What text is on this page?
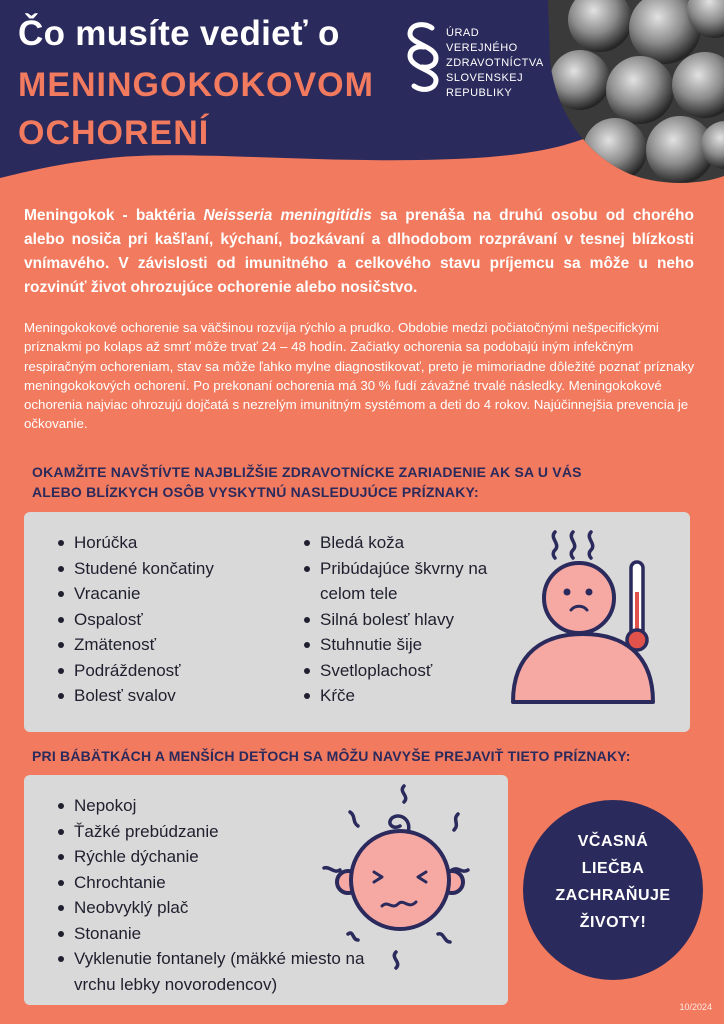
Čo musíte vedieť o
MENINGOKOKOVOM
OCHORENÍ
ÚRAD
VEREJNÉHO
ZDRAVOTNÍCTVA
SLOVENSKEJ
REPUBLIKY

Meningokok - baktéria Neisseria meningitidis sa prenáša na druhú osobu od chorého alebo nosiča pri kašľaní, kýchaní, bozkávaní a dlhodobom rozprávaní v tesnej blízkosti vnímavého. V závislosti od imunitného a celkového stavu príjemcu sa môže u neho rozvinúť život ohrozujúce ochorenie alebo nosičstvo.

Meningokokové ochorenie sa väčšinou rozvíja rýchlo a prudko. Obdobie medzi počiatočnými nešpecifickými príznakmi po kolaps až smrť môže trvať 24 – 48 hodín. Začiatky ochorenia sa podobajú iným infekčným respiračným ochoreniam, stav sa môže ľahko mylne diagnostikovať, preto je mimoriadne dôležité poznať príznaky meningokokových ochorení. Po prekonaní ochorenia má 30 % ľudí závažné trvalé následky. Meningokokové ochorenia najviac ohrozujú dojčatá s nezrelým imunitným systémom a deti do 4 rokov. Najúčinnejšia prevencia je očkovanie.

OKAMŽITE NAVŠTÍVTE NAJBLIŽŠIE ZDRAVOTNÍCKE ZARIADENIE AK SA U VÁS
ALEBO BLÍZKYCH OSÔB VYSKYTNÚ NASLEDUJÚCE PRÍZNAKY:
Horúčka
Studené končatiny
Vracanie
Ospalosť
Zmätenosť
Podráždenosť
Bolesť svalov
Bledá koža
Pribúdajúce škvrny na celom tele
Silná bolesť hlavy
Stuhnutie šije
Svetloplachosť
Kŕče
PRI BÁBÄTKÁCH A MENŠÍCH DEŤOCH SA MÔŽU NAVYŠE PREJAVIŤ TIETO PRÍZNAKY:
Nepokoj
Ťažké prebúdzanie
Rýchle dýchanie
Chrochtanie
Neobvyklý plač
Stonanie
Vyklenutie fontanely (mäkké miesto na vrchu lebky novorodencov)
VČASNÁ
LIEČBA
ZACHRAŇUJE
ŽIVOTY!
10/2024
